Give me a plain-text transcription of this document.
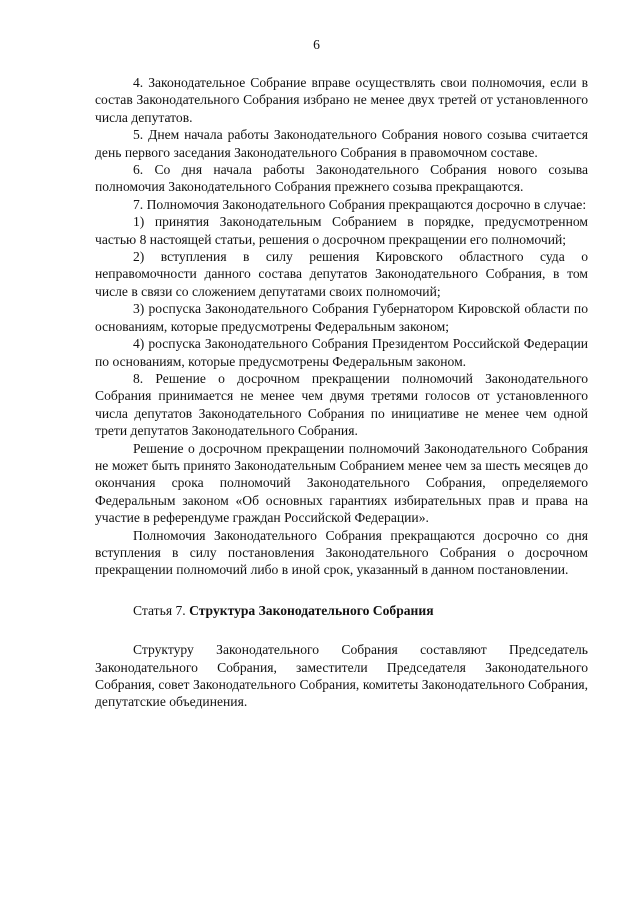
6

4. Законодательное Собрание вправе осуществлять свои полномочия, если в состав Законодательного Собрания избрано не менее двух третей от установленного числа депутатов.

5. Днем начала работы Законодательного Собрания нового созыва считается день первого заседания Законодательного Собрания в правомочном составе.

6. Со дня начала работы Законодательного Собрания нового созыва полномочия Законодательного Собрания прежнего созыва прекращаются.

7. Полномочия Законодательного Собрания прекращаются досрочно в случае:

1) принятия Законодательным Собранием в порядке, предусмотренном частью 8 настоящей статьи, решения о досрочном прекращении его полномочий;

2) вступления в силу решения Кировского областного суда о неправомочности данного состава депутатов Законодательного Собрания, в том числе в связи со сложением депутатами своих полномочий;

3) роспуска Законодательного Собрания Губернатором Кировской области по основаниям, которые предусмотрены Федеральным законом;

4) роспуска Законодательного Собрания Президентом Российской Федерации по основаниям, которые предусмотрены Федеральным законом.

8. Решение о досрочном прекращении полномочий Законодательного Собрания принимается не менее чем двумя третями голосов от установленного числа депутатов Законодательного Собрания по инициативе не менее чем одной трети депутатов Законодательного Собрания.

Решение о досрочном прекращении полномочий Законодательного Собрания не может быть принято Законодательным Собранием менее чем за шесть месяцев до окончания срока полномочий Законодательного Собрания, определяемого Федеральным законом «Об основных гарантиях избирательных прав и права на участие в референдуме граждан Российской Федерации».

Полномочия Законодательного Собрания прекращаются досрочно со дня вступления в силу постановления Законодательного Собрания о досрочном прекращении полномочий либо в иной срок, указанный в данном постановлении.

Статья 7. Структура Законодательного Собрания

Структуру Законодательного Собрания составляют Председатель Законодательного Собрания, заместители Председателя Законодательного Собрания, совет Законодательного Собрания, комитеты Законодательного Собрания, депутатские объединения.
